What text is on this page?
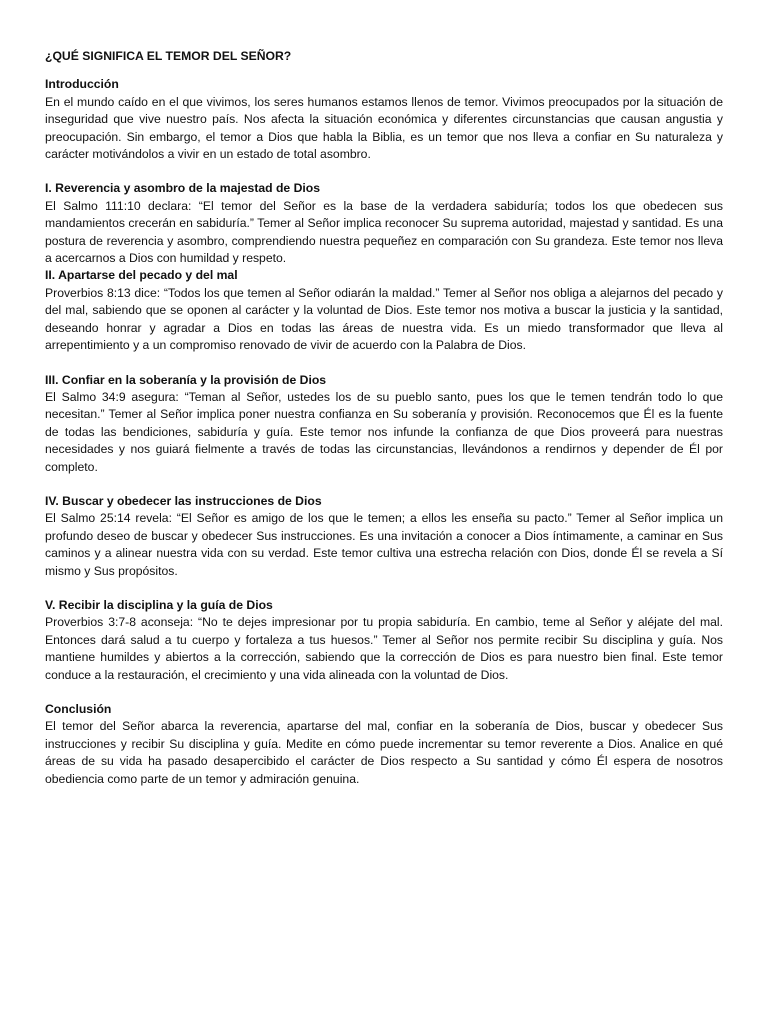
¿QUÉ SIGNIFICA EL TEMOR DEL SEÑOR?
Introducción
En el mundo caído en el que vivimos, los seres humanos estamos llenos de temor. Vivimos preocupados por la situación de inseguridad que vive nuestro país. Nos afecta la situación económica y diferentes circunstancias que causan angustia y preocupación. Sin embargo, el temor a Dios que habla la Biblia, es un temor que nos lleva a confiar en Su naturaleza y carácter motivándolos a vivir en un estado de total asombro.
I. Reverencia y asombro de la majestad de Dios
El Salmo 111:10 declara: “El temor del Señor es la base de la verdadera sabiduría; todos los que obedecen sus mandamientos crecerán en sabiduría.” Temer al Señor implica reconocer Su suprema autoridad, majestad y santidad. Es una postura de reverencia y asombro, comprendiendo nuestra pequeñez en comparación con Su grandeza. Este temor nos lleva a acercarnos a Dios con humildad y respeto.
II. Apartarse del pecado y del mal
Proverbios 8:13 dice: “Todos los que temen al Señor odiarán la maldad.” Temer al Señor nos obliga a alejarnos del pecado y del mal, sabiendo que se oponen al carácter y la voluntad de Dios. Este temor nos motiva a buscar la justicia y la santidad, deseando honrar y agradar a Dios en todas las áreas de nuestra vida. Es un miedo transformador que lleva al arrepentimiento y a un compromiso renovado de vivir de acuerdo con la Palabra de Dios.
III. Confiar en la soberanía y la provisión de Dios
El Salmo 34:9 asegura: “Teman al Señor, ustedes los de su pueblo santo, pues los que le temen tendrán todo lo que necesitan.” Temer al Señor implica poner nuestra confianza en Su soberanía y provisión. Reconocemos que Él es la fuente de todas las bendiciones, sabiduría y guía. Este temor nos infunde la confianza de que Dios proveerá para nuestras necesidades y nos guiará fielmente a través de todas las circunstancias, llevándonos a rendirnos y depender de Él por completo.
IV. Buscar y obedecer las instrucciones de Dios
El Salmo 25:14 revela: “El Señor es amigo de los que le temen; a ellos les enseña su pacto.” Temer al Señor implica un profundo deseo de buscar y obedecer Sus instrucciones. Es una invitación a conocer a Dios íntimamente, a caminar en Sus caminos y a alinear nuestra vida con su verdad. Este temor cultiva una estrecha relación con Dios, donde Él se revela a Sí mismo y Sus propósitos.
V. Recibir la disciplina y la guía de Dios
Proverbios 3:7-8 aconseja: “No te dejes impresionar por tu propia sabiduría. En cambio, teme al Señor y aléjate del mal. Entonces dará salud a tu cuerpo y fortaleza a tus huesos.” Temer al Señor nos permite recibir Su disciplina y guía. Nos mantiene humildes y abiertos a la corrección, sabiendo que la corrección de Dios es para nuestro bien final. Este temor conduce a la restauración, el crecimiento y una vida alineada con la voluntad de Dios.
Conclusión
El temor del Señor abarca la reverencia, apartarse del mal, confiar en la soberanía de Dios, buscar y obedecer Sus instrucciones y recibir Su disciplina y guía. Medite en cómo puede incrementar su temor reverente a Dios. Analice en qué áreas de su vida ha pasado desapercibido el carácter de Dios respecto a Su santidad y cómo Él espera de nosotros obediencia como parte de un temor y admiración genuina.
